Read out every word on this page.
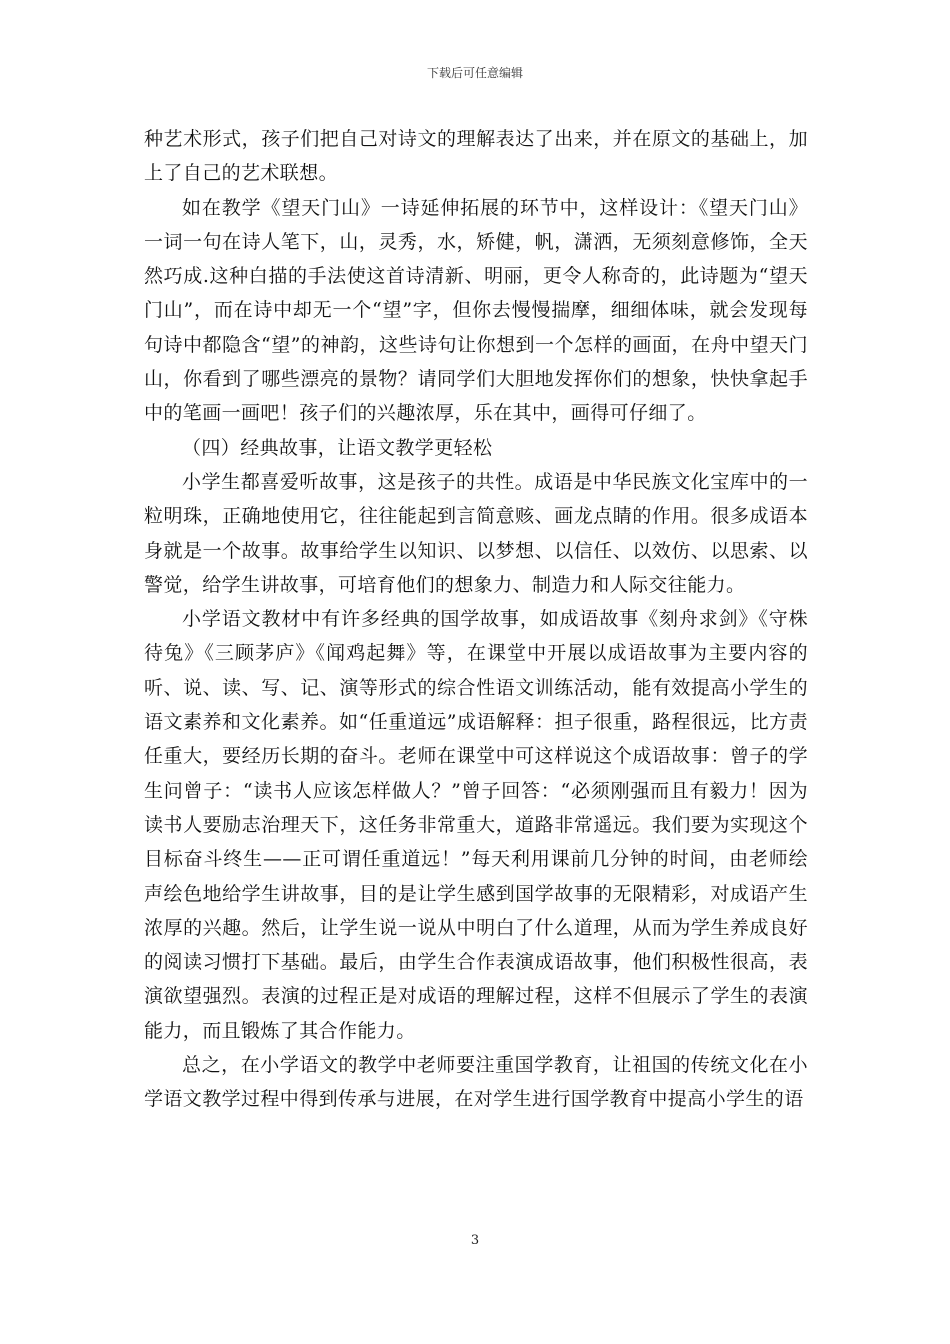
下载后可任意编辑

种艺术形式，孩子们把自己对诗文的理解表达了出来，并在原文的基础上，加上了自己的艺术联想。

如在教学《望天门山》一诗延伸拓展的环节中，这样设计：《望天门山》一词一句在诗人笔下，山，灵秀，水，矫健，帆，潇洒，无须刻意修饰，全天然巧成.这种白描的手法使这首诗清新、明丽，更令人称奇的，此诗题为“望天门山”，而在诗中却无一个“望”字，但你去慢慢揣摩，细细体味，就会发现每句诗中都隐含“望”的神韵，这些诗句让你想到一个怎样的画面，在舟中望天门山，你看到了哪些漂亮的景物？请同学们大胆地发挥你们的想象，快快拿起手中的笔画一画吧！孩子们的兴趣浓厚，乐在其中，画得可仔细了。

（四）经典故事，让语文教学更轻松

小学生都喜爱听故事，这是孩子的共性。成语是中华民族文化宝库中的一粒明珠，正确地使用它，往往能起到言简意赅、画龙点睛的作用。很多成语本身就是一个故事。故事给学生以知识、以梦想、以信任、以效仿、以思索、以警觉，给学生讲故事，可培育他们的想象力、制造力和人际交往能力。

小学语文教材中有许多经典的国学故事，如成语故事《刻舟求剑》《守株待兔》《三顾茅庐》《闻鸡起舞》等，在课堂中开展以成语故事为主要内容的听、说、读、写、记、演等形式的综合性语文训练活动，能有效提高小学生的语文素养和文化素养。如“任重道远”成语解释：担子很重，路程很远，比方责任重大，要经历长期的奋斗。老师在课堂中可这样说这个成语故事：曾子的学生问曾子：“读书人应该怎样做人？”曾子回答：“必须刚强而且有毅力！因为读书人要励志治理天下，这任务非常重大，道路非常遥远。我们要为实现这个目标奋斗终生——正可谓任重道远！”每天利用课前几分钟的时间，由老师绘声绘色地给学生讲故事，目的是让学生感到国学故事的无限精彩，对成语产生浓厚的兴趣。然后，让学生说一说从中明白了什么道理，从而为学生养成良好的阅读习惯打下基础。最后，由学生合作表演成语故事，他们积极性很高，表演欲望强烈。表演的过程正是对成语的理解过程，这样不但展示了学生的表演能力，而且锻炼了其合作能力。

总之，在小学语文的教学中老师要注重国学教育，让祖国的传统文化在小学语文教学过程中得到传承与进展，在对学生进行国学教育中提高小学生的语

3
